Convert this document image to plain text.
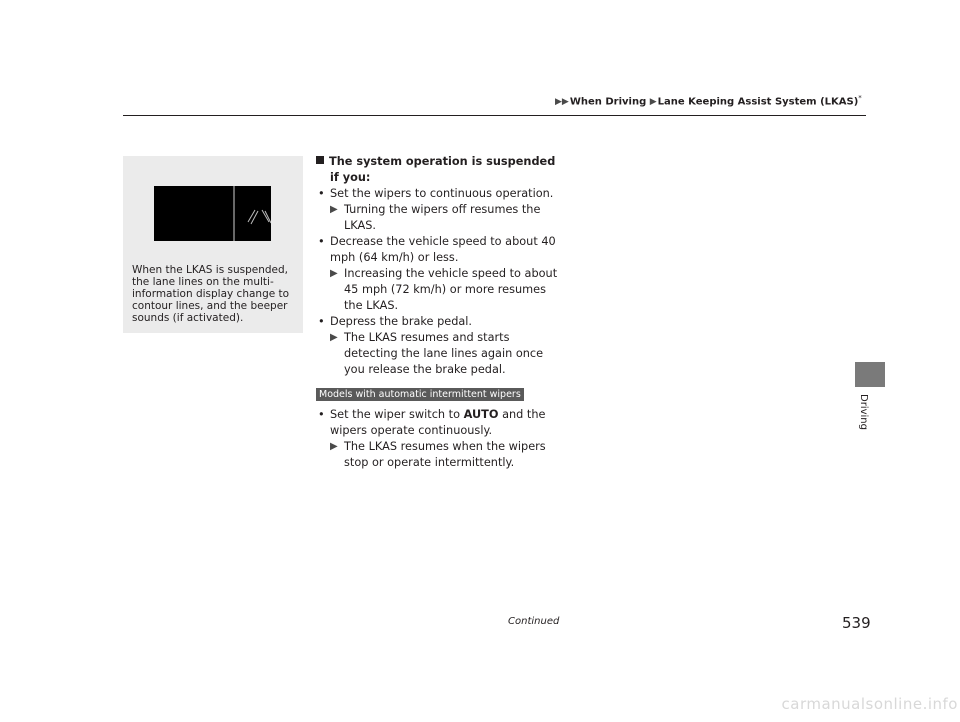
▶▶When Driving ▶Lane Keeping Assist System (LKAS)*

When the LKAS is suspended, the lane lines on the multi-information display change to contour lines, and the beeper sounds (if activated).

The system operation is suspended if you:

• Set the wipers to continuous operation.
▶ Turning the wipers off resumes the LKAS.
• Decrease the vehicle speed to about 40 mph (64 km/h) or less.
▶ Increasing the vehicle speed to about 45 mph (72 km/h) or more resumes the LKAS.
• Depress the brake pedal.
▶ The LKAS resumes and starts detecting the lane lines again once you release the brake pedal.
Models with automatic intermittent wipers
• Set the wiper switch to AUTO and the wipers operate continuously.
▶ The LKAS resumes when the wipers stop or operate intermittently.
Driving
Continued	539
carmanualsonline.info
